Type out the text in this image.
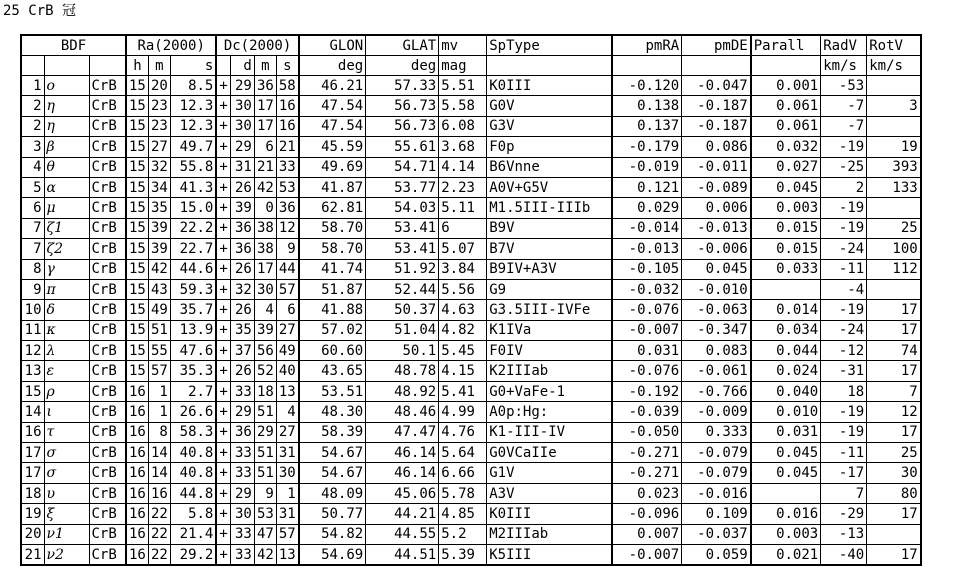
25 CrB 冠
BDF			Ra(2000)			Dc(2000)				GLON	GLAT	mv	SpType	pmRA	pmDE	Parall	RadV	RotV
			h	m	s		d	m	s	deg	deg	mag					km/s	km/s
1	ο	CrB	15	20	8.5	+	29	36	58	46.21	57.33	5.51	K0III	-0.120	-0.047	0.001	-53	
2	η	CrB	15	23	12.3	+	30	17	16	47.54	56.73	5.58	G0V	0.138	-0.187	0.061	-7	3
2	η	CrB	15	23	12.3	+	30	17	16	47.54	56.73	6.08	G3V	0.137	-0.187	0.061	-7	
3	β	CrB	15	27	49.7	+	29	6	21	45.59	55.61	3.68	F0p	-0.179	0.086	0.032	-19	19
4	θ	CrB	15	32	55.8	+	31	21	33	49.69	54.71	4.14	B6Vnne	-0.019	-0.011	0.027	-25	393
5	α	CrB	15	34	41.3	+	26	42	53	41.87	53.77	2.23	A0V+G5V	0.121	-0.089	0.045	2	133
6	μ	CrB	15	35	15.0	+	39	0	36	62.81	54.03	5.11	M1.5III-IIIb	0.029	0.006	0.003	-19	
7	ζ1	CrB	15	39	22.2	+	36	38	12	58.70	53.41	6	B9V	-0.014	-0.013	0.015	-19	25
7	ζ2	CrB	15	39	22.7	+	36	38	9	58.70	53.41	5.07	B7V	-0.013	-0.006	0.015	-24	100
8	γ	CrB	15	42	44.6	+	26	17	44	41.74	51.92	3.84	B9IV+A3V	-0.105	0.045	0.033	-11	112
9	π	CrB	15	43	59.3	+	32	30	57	51.87	52.44	5.56	G9	-0.032	-0.010		-4	
10	δ	CrB	15	49	35.7	+	26	4	6	41.88	50.37	4.63	G3.5III-IVFe	-0.076	-0.063	0.014	-19	17
11	κ	CrB	15	51	13.9	+	35	39	27	57.02	51.04	4.82	K1IVa	-0.007	-0.347	0.034	-24	17
12	λ	CrB	15	55	47.6	+	37	56	49	60.60	50.1	5.45	F0IV	0.031	0.083	0.044	-12	74
13	ε	CrB	15	57	35.3	+	26	52	40	43.65	48.78	4.15	K2IIIab	-0.076	-0.061	0.024	-31	17
15	ρ	CrB	16	1	2.7	+	33	18	13	53.51	48.92	5.41	G0+VaFe-1	-0.192	-0.766	0.040	18	7
14	ι	CrB	16	1	26.6	+	29	51	4	48.30	48.46	4.99	A0p:Hg:	-0.039	-0.009	0.010	-19	12
16	τ	CrB	16	8	58.3	+	36	29	27	58.39	47.47	4.76	K1-III-IV	-0.050	0.333	0.031	-19	17
17	σ	CrB	16	14	40.8	+	33	51	31	54.67	46.14	5.64	G0VCaIIe	-0.271	-0.079	0.045	-11	25
17	σ	CrB	16	14	40.8	+	33	51	30	54.67	46.14	6.66	G1V	-0.271	-0.079	0.045	-17	30
18	υ	CrB	16	16	44.8	+	29	9	1	48.09	45.06	5.78	A3V	0.023	-0.016		7	80
19	ξ	CrB	16	22	5.8	+	30	53	31	50.77	44.21	4.85	K0III	-0.096	0.109	0.016	-29	17
20	ν1	CrB	16	22	21.4	+	33	47	57	54.82	44.55	5.2	M2IIIab	0.007	-0.037	0.003	-13	
21	ν2	CrB	16	22	29.2	+	33	42	13	54.69	44.51	5.39	K5III	-0.007	0.059	0.021	-40	17
